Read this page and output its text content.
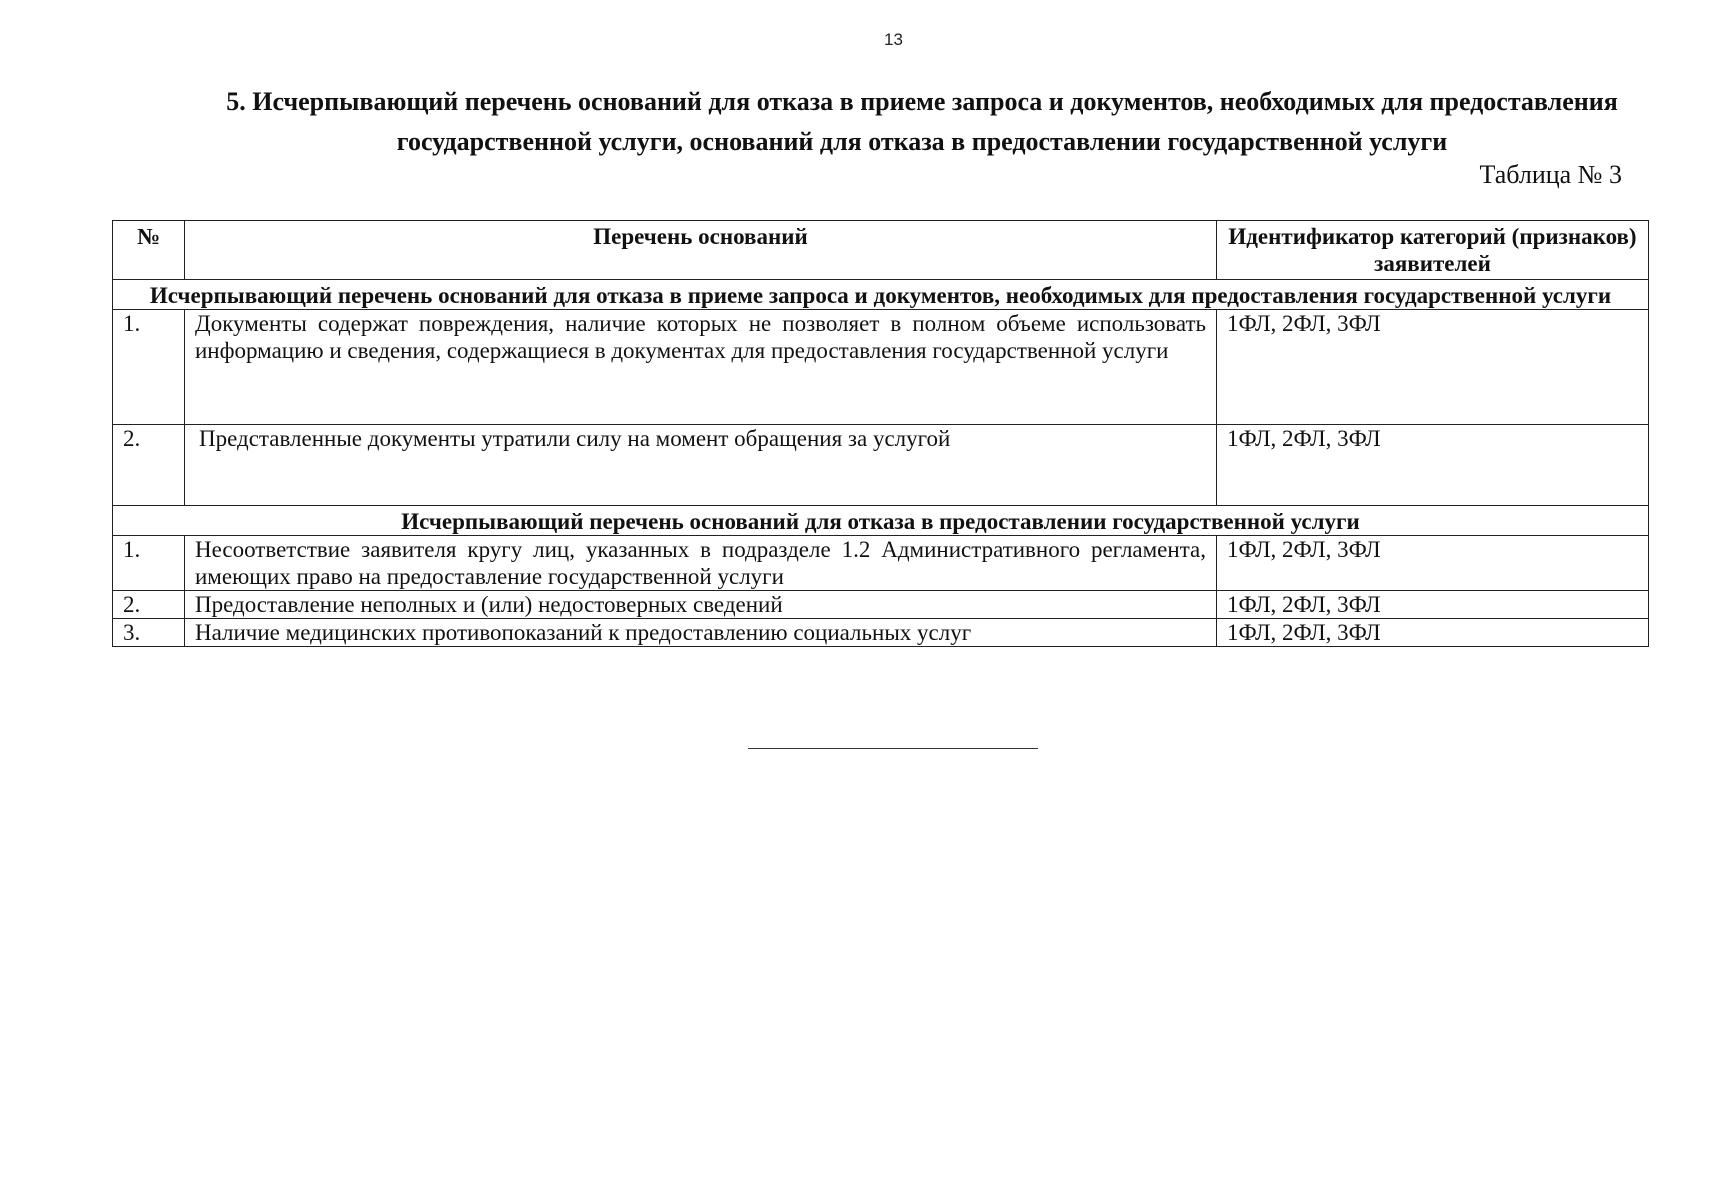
13
5. Исчерпывающий перечень оснований для отказа в приеме запроса и документов, необходимых для предоставления государственной услуги, оснований для отказа в предоставлении государственной услуги
Таблица № 3
№	Перечень оснований	Идентификатор категорий (признаков) заявителей
Исчерпывающий перечень оснований для отказа в приеме запроса и документов, необходимых для предоставления государственной услуги		
1.	Документы содержат повреждения, наличие которых не позволяет в полном объеме использовать информацию и сведения, содержащиеся в документах для предоставления государственной услуги	1ФЛ, 2ФЛ, 3ФЛ
2.	Представленные документы утратили силу на момент обращения за услугой	1ФЛ, 2ФЛ, 3ФЛ
Исчерпывающий перечень оснований для отказа в предоставлении государственной услуги		
1.	Несоответствие заявителя кругу лиц, указанных в подразделе 1.2 Административного регламента, имеющих право на предоставление государственной услуги	1ФЛ, 2ФЛ, 3ФЛ
2.	Предоставление неполных и (или) недостоверных сведений	1ФЛ, 2ФЛ, 3ФЛ
3.	Наличие медицинских противопоказаний к предоставлению социальных услуг	1ФЛ, 2ФЛ, 3ФЛ
